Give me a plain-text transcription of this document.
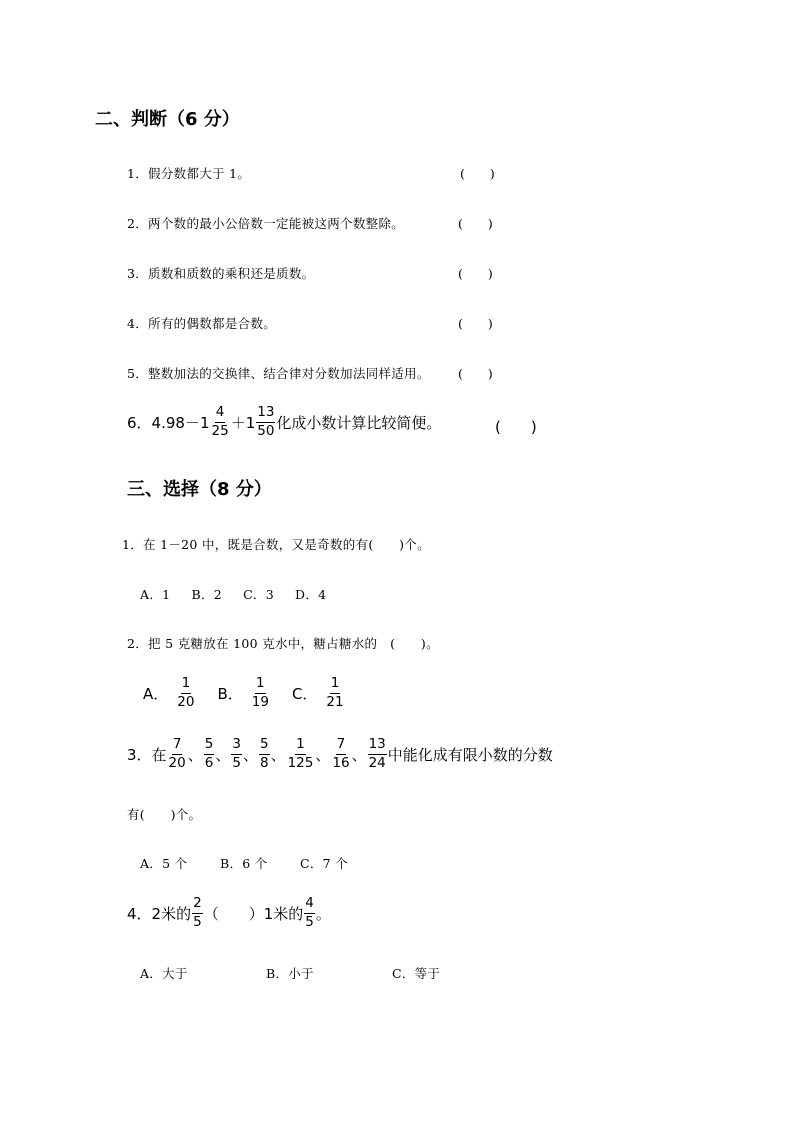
二、判断（6 分）
1．假分数都大于 1。	(　　)
2．两个数的最小公倍数一定能被这两个数整除。	(　　)
3．质数和质数的乘积还是质数。	(　　)
4．所有的偶数都是合数。	(　　)
5．整数加法的交换律、结合律对分数加法同样适用。 (　　)
6．$4.98-1 \frac{4}{25} +1 \frac{13}{50}$ 化成小数计算比较简便。	(　　)
三、选择（8 分）
1．在 1－20 中，既是合数，又是奇数的有(　　)个。
A．1　 B．2　 C．3　 D．4
2．把 5 克糖放在 100 克水中，糖占糖水的　(　　)。
A． $\frac{1}{20}$ B． $\frac{1}{19}$ C． $\frac{1}{21}$
3．在 $\frac{7}{20}$ 、 $\frac{5}{6}$ 、 $\frac{3}{5}$ 、 $\frac{5}{8}$ 、 $\frac{1}{125}$ 、 $\frac{7}{16}$ 、 $\frac{13}{24}$ 中能化成有限小数的分数
有(　　)个。
A．5 个	B．6 个	C．7 个
4．2米的 $\frac{2}{5}$ （　　）1米的 $\frac{4}{5}$ 。
A．大于	B．小于	C．等于
